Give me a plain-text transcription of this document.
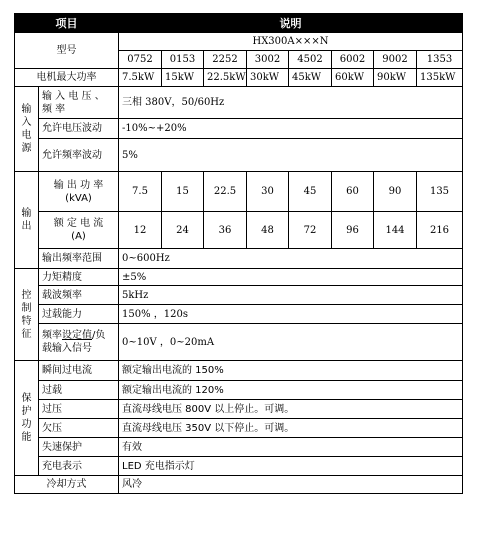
项目		说明							
型号		HX300A×××N							
		0752	0153	2252	3002	4502	6002	9002	1353
电机最大功率		7.5kW	15kW	22.5kW	30kW	45kW	60kW	90kW	135kW

输
入
电
源	输 入 电 压 、 频 率	三相 380V，50/60Hz							
	允许电压波动	-10%~+20%							
	允许频率波动	5%							

输
出	输 出 功 率
(kVA)	7.5	15	22.5	30	45	60	90	135

	额 定 电 流
(A)	12	24	36	48	72	96	144	216
	输出频率范围	0~600Hz							

控
制
特
征	力矩精度	±5%							
	载波频率	5kHz							
	过载能力	150% ，120s							

	频率设定值/负
载输入信号	0~10V ，0~20mA							

保
护
功
能	瞬间过电流	额定输出电流的 150%							
	过载	额定输出电流的 120%							
	过压	直流母线电压 800V 以上停止。可调。							
	欠压	直流母线电压 350V 以下停止。可调。							
	失速保护	有效							
	充电表示	LED 充电指示灯							
冷却方式		风冷							
